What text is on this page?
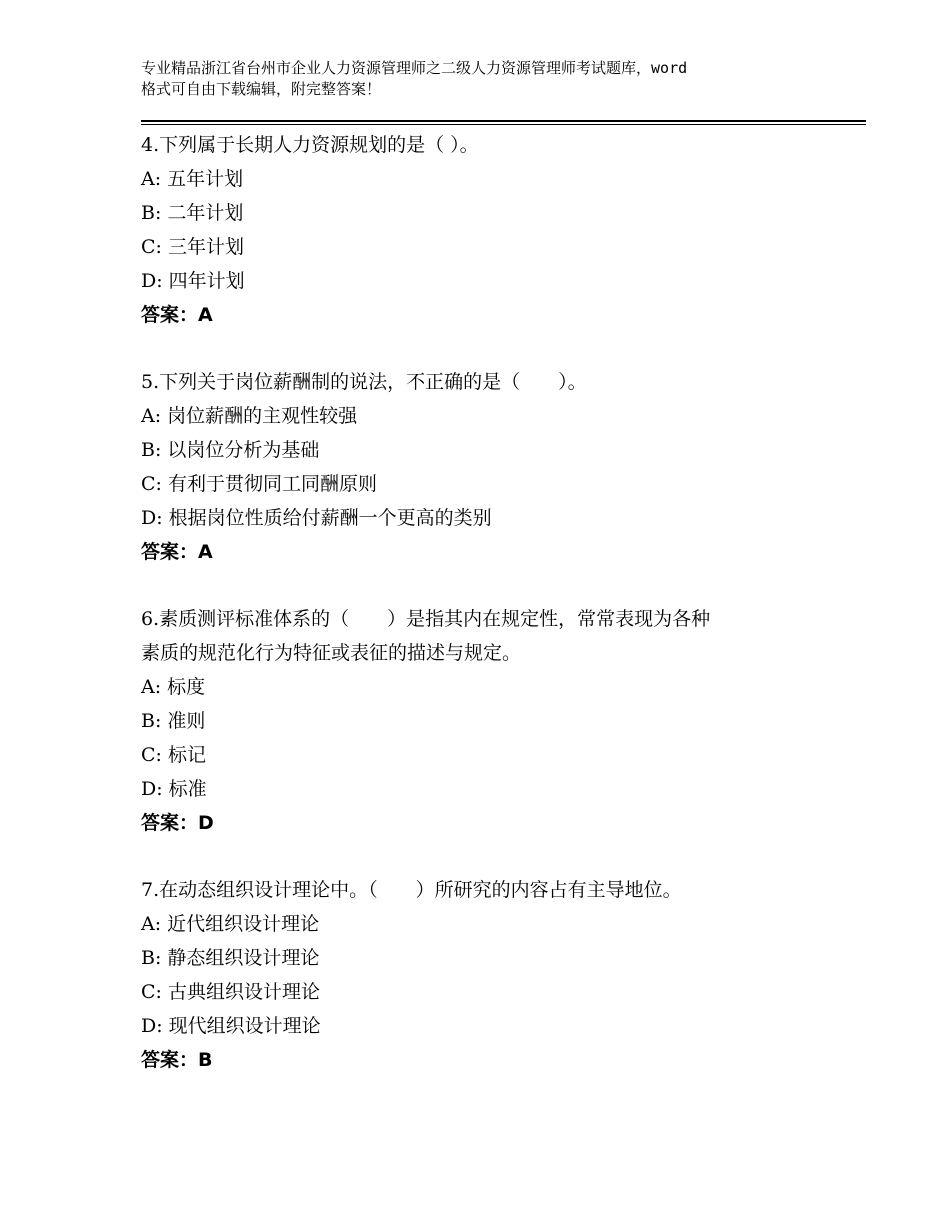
专业精品浙江省台州市企业人力资源管理师之二级人力资源管理师考试题库，word
格式可自由下载编辑，附完整答案！
4.下列属于长期人力资源规划的是（ ）。
A: 五年计划
B: 二年计划
C: 三年计划
D: 四年计划
答案：A
5.下列关于岗位薪酬制的说法，不正确的是（　　）。
A: 岗位薪酬的主观性较强
B: 以岗位分析为基础
C: 有利于贯彻同工同酬原则
D: 根据岗位性质给付薪酬一个更高的类别
答案：A
6.素质测评标准体系的（　　）是指其内在规定性，常常表现为各种
素质的规范化行为特征或表征的描述与规定。
A: 标度
B: 准则
C: 标记
D: 标准
答案：D
7.在动态组织设计理论中。（　　）所研究的内容占有主导地位。
A: 近代组织设计理论
B: 静态组织设计理论
C: 古典组织设计理论
D: 现代组织设计理论
答案：B
